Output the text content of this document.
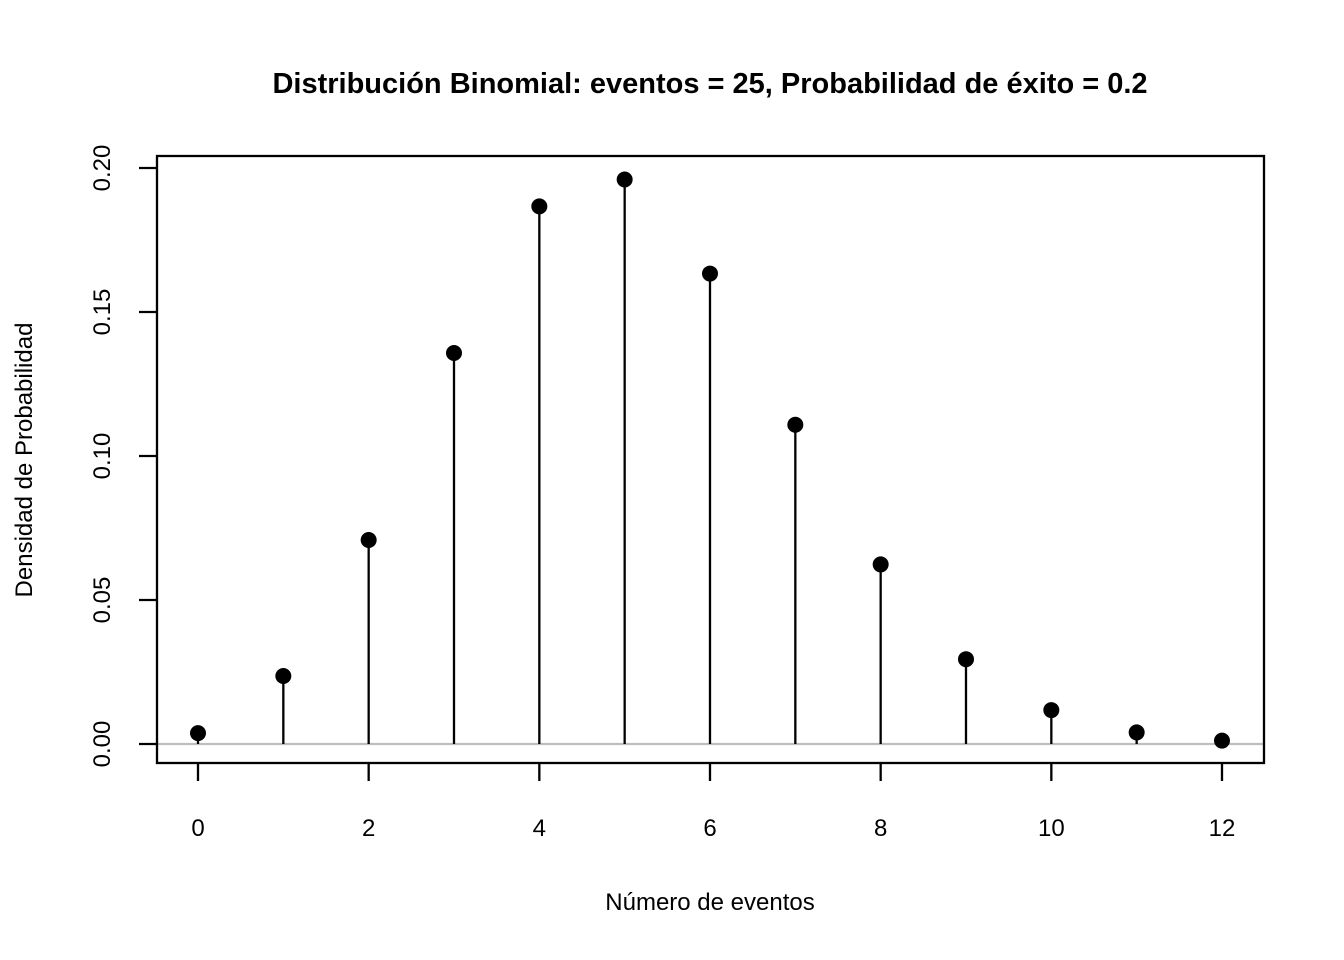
0	2	4	6	8	10	12
0.00
0.05
0.10
0.15
0.20
Distribución Binomial: eventos = 25, Probabilidad de éxito = 0.2
Número de eventos
Densidad de Probabilidad
